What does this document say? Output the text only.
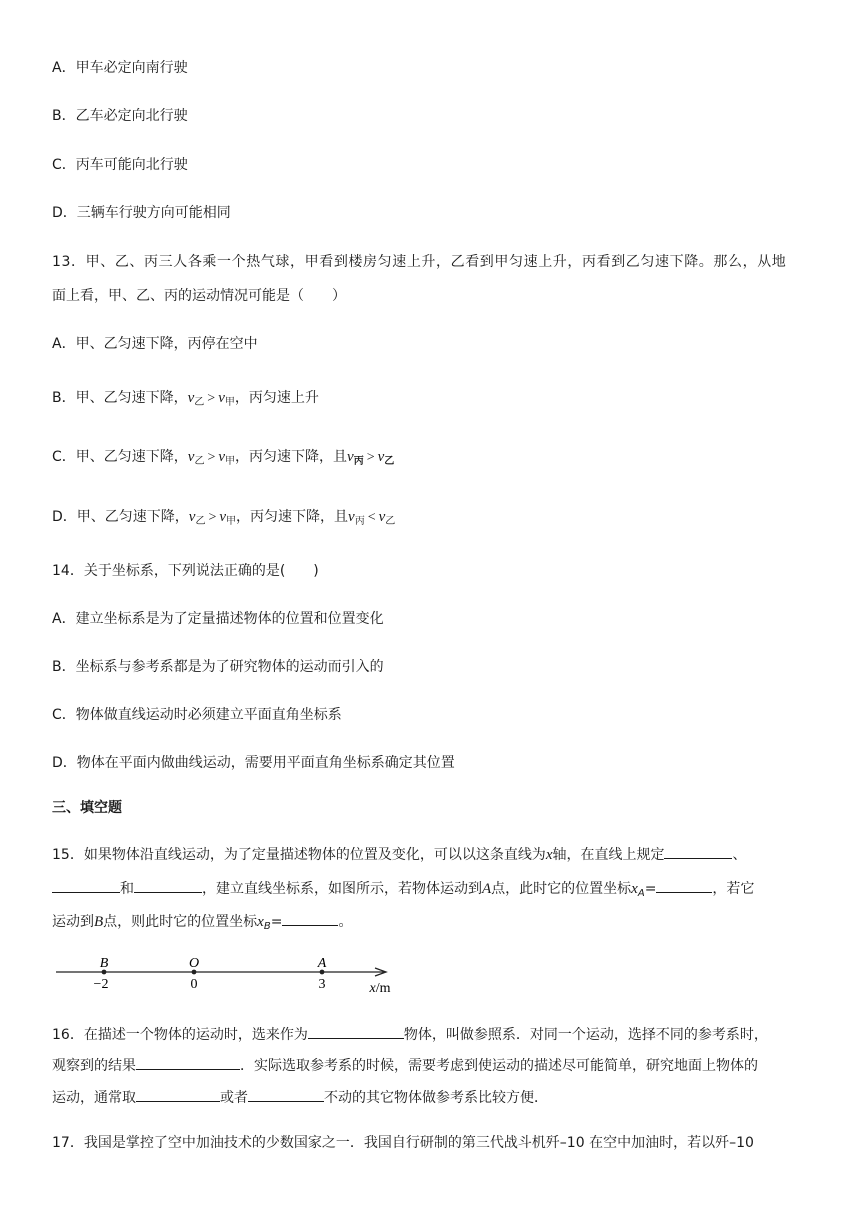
A．甲车必定向南行驶
B．乙车必定向北行驶
C．丙车可能向北行驶
D．三辆车行驶方向可能相同
13．甲、乙、丙三人各乘一个热气球，甲看到楼房匀速上升，乙看到甲匀速上升，丙看到乙匀速下降。那么，从地
面上看，甲、乙、丙的运动情况可能是（　　）
A．甲、乙匀速下降，丙停在空中
B．甲、乙匀速下降，$v_乙 > v_甲$，丙匀速上升
C．甲、乙匀速下降，$v_乙 > v_甲$，丙匀速下降，且$v_丙 > v_乙$
D．甲、乙匀速下降，$v_乙 > v_甲$，丙匀速下降，且$v_丙 < v_乙$
14．关于坐标系，下列说法正确的是(　　)
A．建立坐标系是为了定量描述物体的位置和位置变化
B．坐标系与参考系都是为了研究物体的运动而引入的
C．物体做直线运动时必须建立平面直角坐标系
D．物体在平面内做曲线运动，需要用平面直角坐标系确定其位置
三、填空题
15．如果物体沿直线运动，为了定量描述物体的位置及变化，可以以这条直线为x轴，在直线上规定	、
和	，建立直线坐标系，如图所示，若物体运动到A点，此时它的位置坐标$x_A=$	，若它
运动到B点，则此时它的位置坐标$x_B=$	。
B	O	A
−2	0	3	x/m
16．在描述一个物体的运动时，选来作为	物体，叫做参照系．对同一个运动，选择不同的参考系时，
观察到的结果	．实际选取参考系的时候，需要考虑到使运动的描述尽可能简单，研究地面上物体的
运动，通常取	或者	不动的其它物体做参考系比较方便．
17．我国是掌控了空中加油技术的少数国家之一．我国自行研制的第三代战斗机歼–10 在空中加油时，若以歼–10
